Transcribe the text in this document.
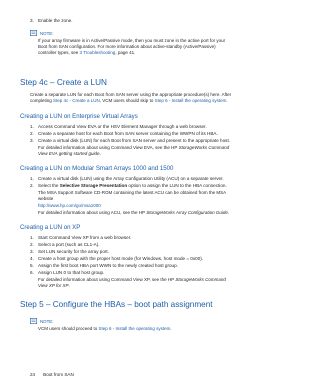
3. Enable the zone.
NOTE:
If your array firmware is in Active/Passive mode, then you must zone in the active port for your
Boot from SAN configuration. For more information about active-standby (Active/Passive)
controller types, see 3 Troubleshooting, page 41.
Step 4c – Create a LUN
Create a separate LUN for each Boot from SAN server using the appropriate procedure(s) here. After
completing Step 4c - Create a LUN, VCM users should skip to Step 6 - Install the operating system.
Creating a LUN on Enterprise Virtual Arrays
1. Access Command View EVA or the HSV Element Manager through a web browser.
2. Create a separate host for each Boot from SAN server containing the WWPN of its HBA.
3. Create a virtual disk (LUN) for each Boot from SAN server and present to the appropriate host.
For detailed information about using Command View EVA, see the HP StorageWorks Command
View EVA getting started guide.
Creating a LUN on Modular Smart Arrays 1000 and 1500
1. Create a virtual disk (LUN) using the Array Configuration Utility (ACU) on a separate server.
2. Select the Selective Storage Presentation option to assign the LUN to the HBA connection.
The MSA Support Software CD-ROM containing the latest ACU can be obtained from the MSA
website
http://www.hp.com/go/msa1000
For detailed information about using ACU, see the HP StorageWorks Array Configuration Guide.
Creating a LUN on XP
1. Start Command View XP from a web browser.
2. Select a port (such as CL1-A).
3. Set LUN security for the array port.
4. Create a host group with the proper host mode (for Windows, host mode = 0x00).
5. Assign the first boot HBA port WWN to the newly created host group.
6. Assign LUN 0 to that host group.
For detailed information about using Command View XP, see the HP StorageWorks Command
View XP for XP.
Step 5 – Configure the HBAs – boot path assignment
NOTE:
VCM users should proceed to Step 6 - Install the operating system.
24 Boot from SAN
